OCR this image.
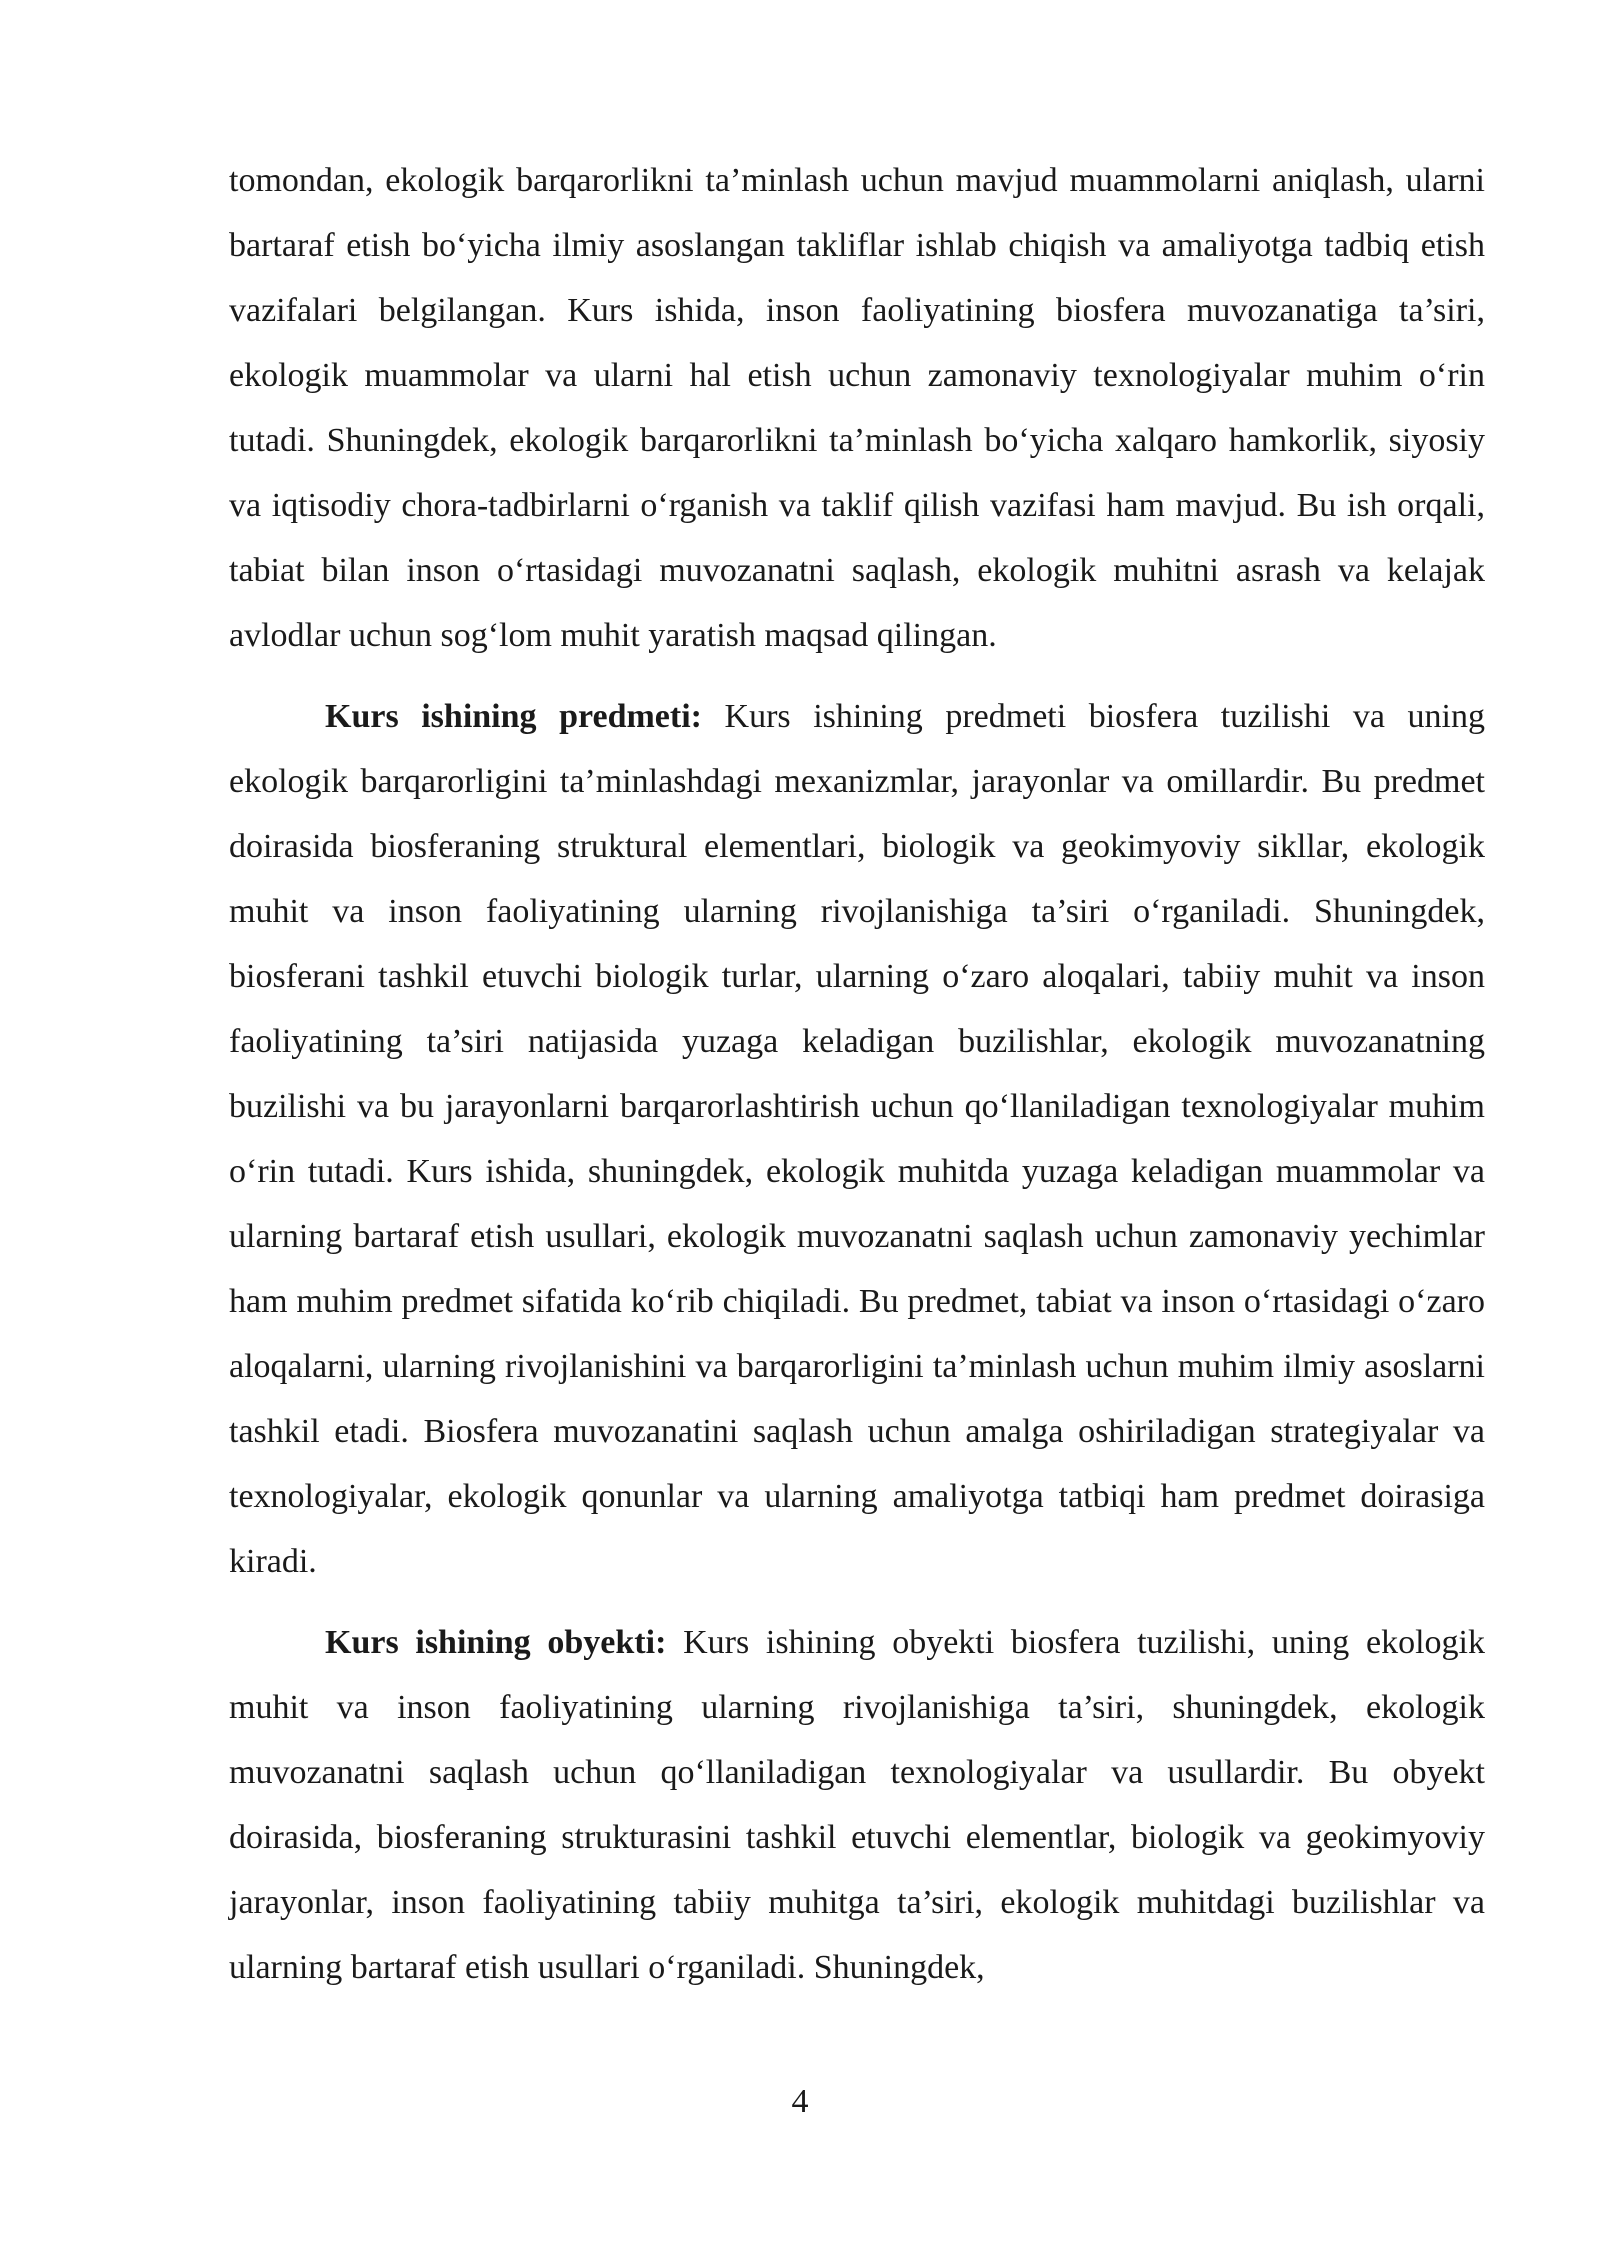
tomondan, ekologik barqarorlikni ta’minlash uchun mavjud muammolarni aniqlash, ularni bartaraf etish bo‘yicha ilmiy asoslangan takliflar ishlab chiqish va amaliyotga tadbiq etish vazifalari belgilangan. Kurs ishida, inson faoliyatining biosfera muvozanatiga ta’siri, ekologik muammolar va ularni hal etish uchun zamonaviy texnologiyalar muhim o‘rin tutadi. Shuningdek, ekologik barqarorlikni ta’minlash bo‘yicha xalqaro hamkorlik, siyosiy va iqtisodiy chora-tadbirlarni o‘rganish va taklif qilish vazifasi ham mavjud. Bu ish orqali, tabiat bilan inson o‘rtasidagi muvozanatni saqlash, ekologik muhitni asrash va kelajak avlodlar uchun sog‘lom muhit yaratish maqsad qilingan.

Kurs ishining predmeti: Kurs ishining predmeti biosfera tuzilishi va uning ekologik barqarorligini ta’minlashdagi mexanizmlar, jarayonlar va omillardir. Bu predmet doirasida biosferaning struktural elementlari, biologik va geokimyoviy sikllar, ekologik muhit va inson faoliyatining ularning rivojlanishiga ta’siri o‘rganiladi. Shuningdek, biosferani tashkil etuvchi biologik turlar, ularning o‘zaro aloqalari, tabiiy muhit va inson faoliyatining ta’siri natijasida yuzaga keladigan buzilishlar, ekologik muvozanatning buzilishi va bu jarayonlarni barqarorlashtirish uchun qo‘llaniladigan texnologiyalar muhim o‘rin tutadi. Kurs ishida, shuningdek, ekologik muhitda yuzaga keladigan muammolar va ularning bartaraf etish usullari, ekologik muvozanatni saqlash uchun zamonaviy yechimlar ham muhim predmet sifatida ko‘rib chiqiladi. Bu predmet, tabiat va inson o‘rtasidagi o‘zaro aloqalarni, ularning rivojlanishini va barqarorligini ta’minlash uchun muhim ilmiy asoslarni tashkil etadi. Biosfera muvozanatini saqlash uchun amalga oshiriladigan strategiyalar va texnologiyalar, ekologik qonunlar va ularning amaliyotga tatbiqi ham predmet doirasiga kiradi.

Kurs ishining obyekti: Kurs ishining obyekti biosfera tuzilishi, uning ekologik muhit va inson faoliyatining ularning rivojlanishiga ta’siri, shuningdek, ekologik muvozanatni saqlash uchun qo‘llaniladigan texnologiyalar va usullardir. Bu obyekt doirasida, biosferaning strukturasini tashkil etuvchi elementlar, biologik va geokimyoviy jarayonlar, inson faoliyatining tabiiy muhitga ta’siri, ekologik muhitdagi buzilishlar va ularning bartaraf etish usullari o‘rganiladi. Shuningdek,

4
